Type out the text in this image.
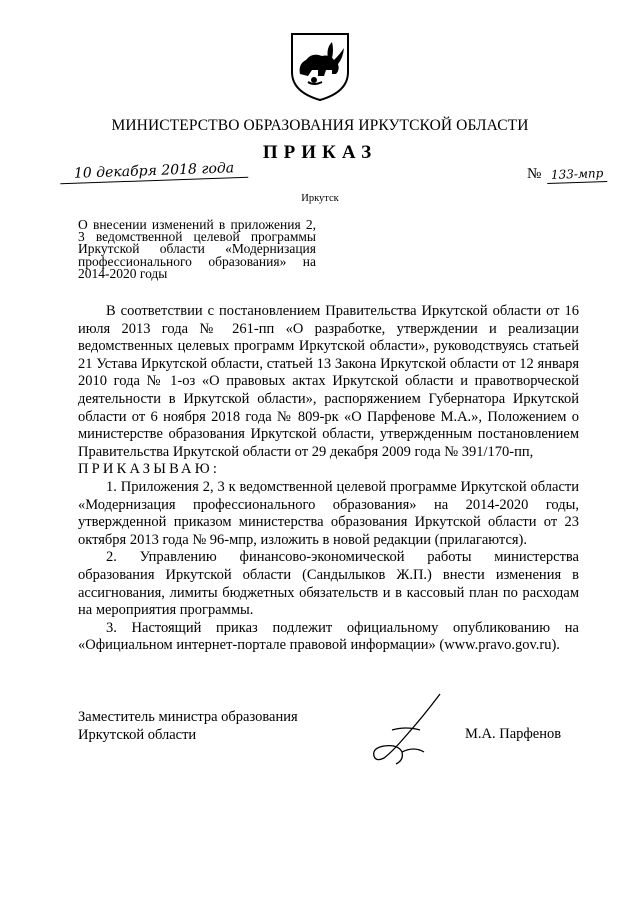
МИНИСТЕРСТВО ОБРАЗОВАНИЯ ИРКУТСКОЙ ОБЛАСТИ
ПРИКАЗ
10 декабря 2018 года	№ 133-мпр
Иркутск
О внесении изменений в приложения 2, 3 ведомственной целевой программы Иркутской области «Модернизация профессионального образования» на 2014-2020 годы

В соответствии с постановлением Правительства Иркутской области от 16 июля 2013 года № 261-пп «О разработке, утверждении и реализации ведомственных целевых программ Иркутской области», руководствуясь статьей 21 Устава Иркутской области, статьей 13 Закона Иркутской области от 12 января 2010 года № 1-оз «О правовых актах Иркутской области и правотворческой деятельности в Иркутской области», распоряжением Губернатора Иркутской области от 6 ноября 2018 года № 809-рк «О Парфенове М.А.», Положением о министерстве образования Иркутской области, утвержденным постановлением Правительства Иркутской области от 29 декабря 2009 года № 391/170-пп,

ПРИКАЗЫВАЮ:

1. Приложения 2, 3 к ведомственной целевой программе Иркутской области «Модернизация профессионального образования» на 2014-2020 годы, утвержденной приказом министерства образования Иркутской области от 23 октября 2013 года № 96-мпр, изложить в новой редакции (прилагаются).

2. Управлению финансово-экономической работы министерства образования Иркутской области (Сандылыков Ж.П.) внести изменения в ассигнования, лимиты бюджетных обязательств и в кассовый план по расходам на мероприятия программы.

3. Настоящий приказ подлежит официальному опубликованию на «Официальном интернет-портале правовой информации» (www.pravo.gov.ru).

Заместитель министра образования
Иркутской области	М.А. Парфенов
